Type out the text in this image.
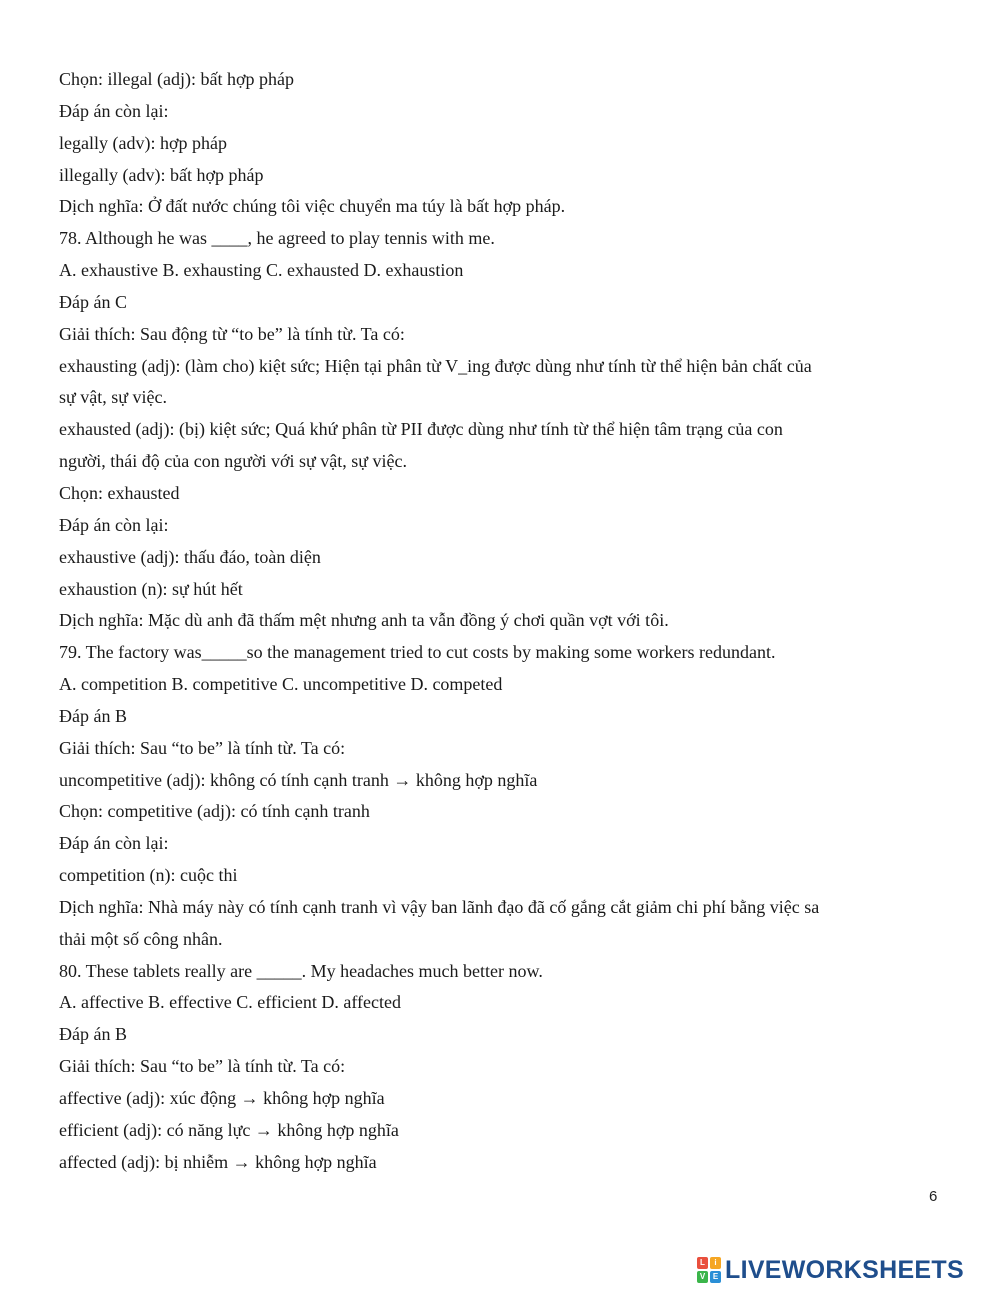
Chọn: illegal (adj): bất hợp pháp
Đáp án còn lại:
legally (adv): hợp pháp
illegally (adv): bất hợp pháp
Dịch nghĩa: Ở đất nước chúng tôi việc chuyển ma túy là bất hợp pháp.
78. Although he was ____, he agreed to play tennis with me.
A. exhaustive B. exhausting C. exhausted D. exhaustion
Đáp án C
Giải thích: Sau động từ “to be” là tính từ. Ta có:
exhausting (adj): (làm cho) kiệt sức; Hiện tại phân từ V_ing được dùng như tính từ thể hiện bản chất của
sự vật, sự việc.
exhausted (adj): (bị) kiệt sức; Quá khứ phân từ PII được dùng như tính từ thể hiện tâm trạng của con
người, thái độ của con người với sự vật, sự việc.
Chọn: exhausted
Đáp án còn lại:
exhaustive (adj): thấu đáo, toàn diện
exhaustion (n): sự hút hết
Dịch nghĩa: Mặc dù anh đã thấm mệt nhưng anh ta vẫn đồng ý chơi quần vợt với tôi.
79. The factory was_____so the management tried to cut costs by making some workers redundant.
A. competition B. competitive C. uncompetitive D. competed
Đáp án B
Giải thích: Sau “to be” là tính từ. Ta có:
uncompetitive (adj): không có tính cạnh tranh → không hợp nghĩa
Chọn: competitive (adj): có tính cạnh tranh
Đáp án còn lại:
competition (n): cuộc thi
Dịch nghĩa: Nhà máy này có tính cạnh tranh vì vậy ban lãnh đạo đã cố gắng cắt giảm chi phí bằng việc sa
thải một số công nhân.
80. These tablets really are _____. My headaches much better now.
A. affective B. effective C. efficient D. affected
Đáp án B
Giải thích: Sau “to be” là tính từ. Ta có:
affective (adj): xúc động → không hợp nghĩa
efficient (adj): có năng lực → không hợp nghĩa
affected (adj): bị nhiễm → không hợp nghĩa
6
L	i
V E LIVEWORKSHEETS
